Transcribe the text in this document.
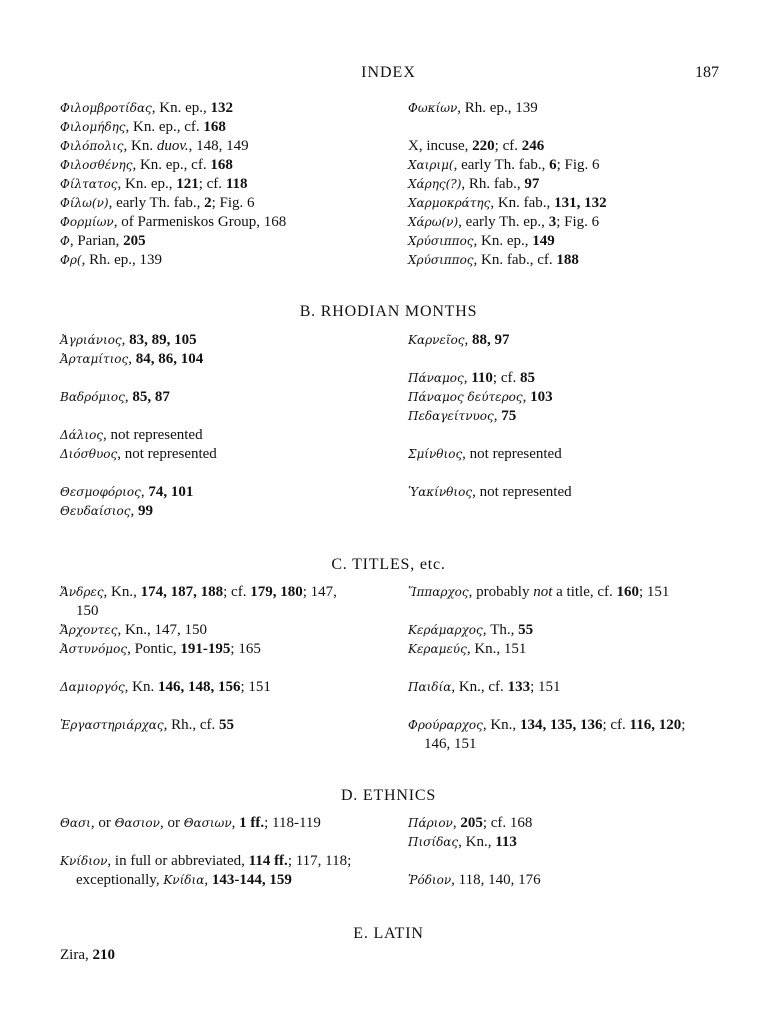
INDEX	187
Φιλομβροτίδας, Kn. ep., 132
Φιλομήδης, Kn. ep., cf. 168
Φιλόπολις, Kn. duov., 148, 149
Φιλοσθένης, Kn. ep., cf. 168
Φίλτατος, Kn. ep., 121; cf. 118
Φίλω(ν), early Th. fab., 2; Fig. 6
Φορμίων, of Parmeniskos Group, 168
Φ, Parian, 205
Φρ(, Rh. ep., 139
Φωκίων, Rh. ep., 139
X, incuse, 220; cf. 246
Χαιριμ(, early Th. fab., 6; Fig. 6
Χάρης(?), Rh. fab., 97
Χαρμοκράτης, Kn. fab., 131, 132
Χάρω(ν), early Th. ep., 3; Fig. 6
Χρύσιππος, Kn. ep., 149
Χρύσιππος, Kn. fab., cf. 188
B. RHODIAN MONTHS
Ἀγριάνιος, 83, 89, 105
Ἀρταμίτιος, 84, 86, 104
Βαδρόμιος, 85, 87
Δάλιος, not represented
Διόσθυος, not represented
Θεσμοφόριος, 74, 101
Θευδαίσιος, 99
Καρνεῖος, 88, 97
Πάναμος, 110; cf. 85
Πάναμος δεύτερος, 103
Πεδαγείτνυος, 75
Σμίνθιος, not represented
Ὑακίνθιος, not represented
C. TITLES, etc.
Ἄνδρες, Kn., 174, 187, 188; cf. 179, 180; 147,
150
Ἄρχοντες, Kn., 147, 150
Ἀστυνόμος, Pontic, 191-195; 165
Δαμιοργός, Kn. 146, 148, 156; 151
Ἐργαστηριάρχας, Rh., cf. 55
Ἵππαρχος, probably not a title, cf. 160; 151
Κεράμαρχος, Th., 55
Κεραμεύς, Kn., 151
Παιδία, Kn., cf. 133; 151
Φρούραρχος, Kn., 134, 135, 136; cf. 116, 120;
146, 151
D. ETHNICS
Θασι, or Θασιον, or Θασιων, 1 ff.; 118-119
Κνίδιον, in full or abbreviated, 114 ff.; 117, 118;
exceptionally, Κνίδια, 143-144, 159
Πάριον, 205; cf. 168
Πισίδας, Kn., 113
Ῥόδιον, 118, 140, 176
E. LATIN
Zira, 210
